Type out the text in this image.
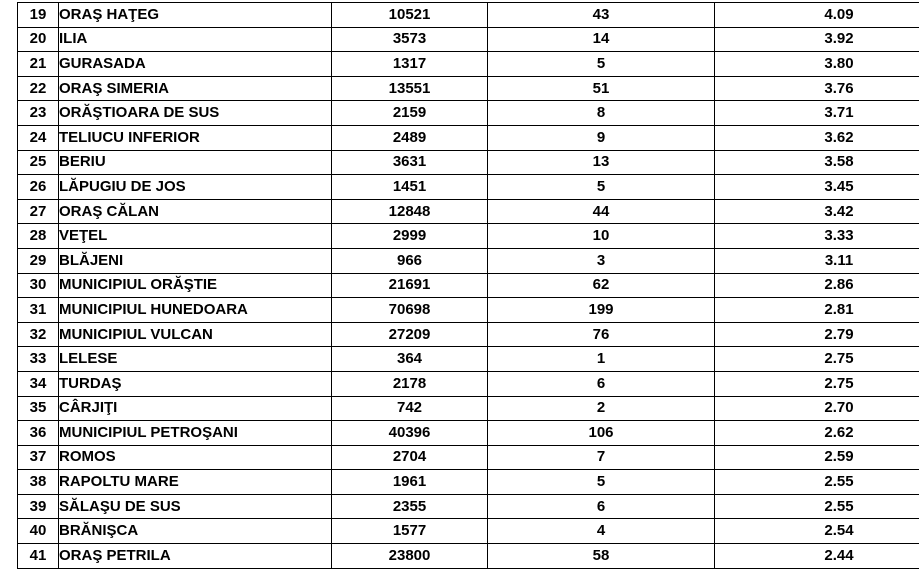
19	ORAŞ HAŢEG	10521	43	4.09
20	ILIA	3573	14	3.92
21	GURASADA	1317	5	3.80
22	ORAŞ SIMERIA	13551	51	3.76
23	ORĂŞTIOARA DE SUS	2159	8	3.71
24	TELIUCU INFERIOR	2489	9	3.62
25	BERIU	3631	13	3.58
26	LĂPUGIU DE JOS	1451	5	3.45
27	ORAŞ CĂLAN	12848	44	3.42
28	VEŢEL	2999	10	3.33
29	BLĂJENI	966	3	3.11
30	MUNICIPIUL ORĂŞTIE	21691	62	2.86
31	MUNICIPIUL HUNEDOARA	70698	199	2.81
32	MUNICIPIUL VULCAN	27209	76	2.79
33	LELESE	364	1	2.75
34	TURDAŞ	2178	6	2.75
35	CÂRJIŢI	742	2	2.70
36	MUNICIPIUL PETROŞANI	40396	106	2.62
37	ROMOS	2704	7	2.59
38	RAPOLTU MARE	1961	5	2.55
39	SĂLAŞU DE SUS	2355	6	2.55
40	BRĂNIŞCA	1577	4	2.54
41	ORAŞ PETRILA	23800	58	2.44
